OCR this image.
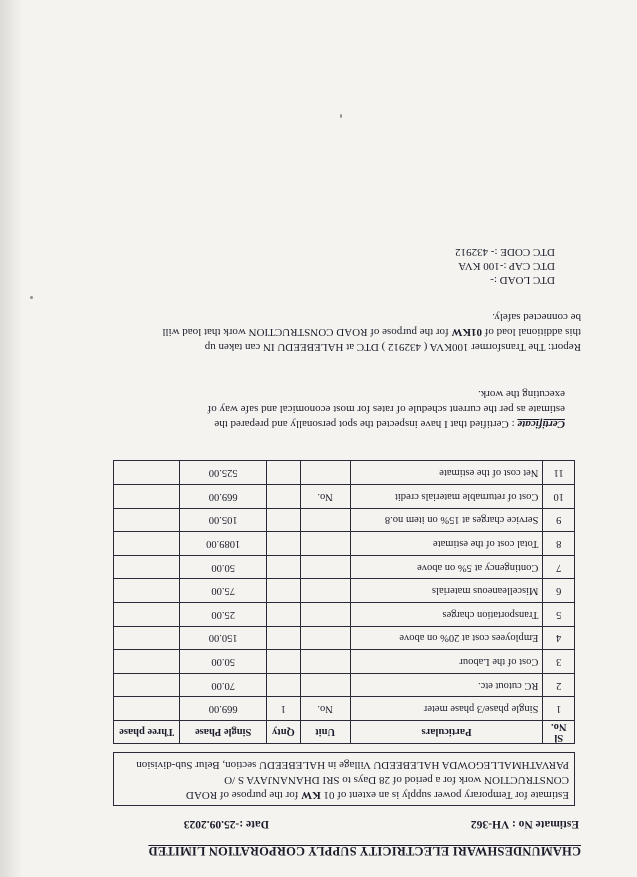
CHAMUNDESHWARI ELECTRICITY SUPPLY CORPORATION LIMITED
Estimate No : VH-362
Date :-25.09.2023

Estimate for Temporary power supply is an extent of 01 KW for the purpose of ROAD

CONSTRUCTION work for a period of 28 Days to SRI DHANANJAYA S /O

PARVATHMALLEGOWDA HALEBEEDU Village in HALEBEEDU section, Belur Sub-division

Sl No.	Particulars	Unit	Qnty	Single Phase	Three phase
1	Single phase/3 phase meter	No.	1	669.00	
2	RC cutout etc.			70.00	
3	Cost of the Labour			50.00	
4	Employees cost at 20% on above			150.00	
5	Transportation charges			25.00	
6	Miscelleaneous materials			75.00	
7	Contingency at 5% on above			50.00	
8	Total cost of the estimate			1089.00	
9	Service charges at 15% on item no.8			105.00	
10	Cost of returnable materials credit	No.		669.00	
11	Net cost of the estimate			525.00	
Certificate : Certified that I have inspected the spot personally and prepared the estimate as per the current schedule of rates for most economical and safe way of executing the work.
Report: The Transformer 100KVA ( 432912 ) DTC at HALEBEEDU IN can taken up
this additional load of 01KW for the purpose of ROAD CONSTRUCTION work that load will
be connected safely.
DTC LOAD :-
DTC CAP :-100 KVA
DTC CODE :- 432912
